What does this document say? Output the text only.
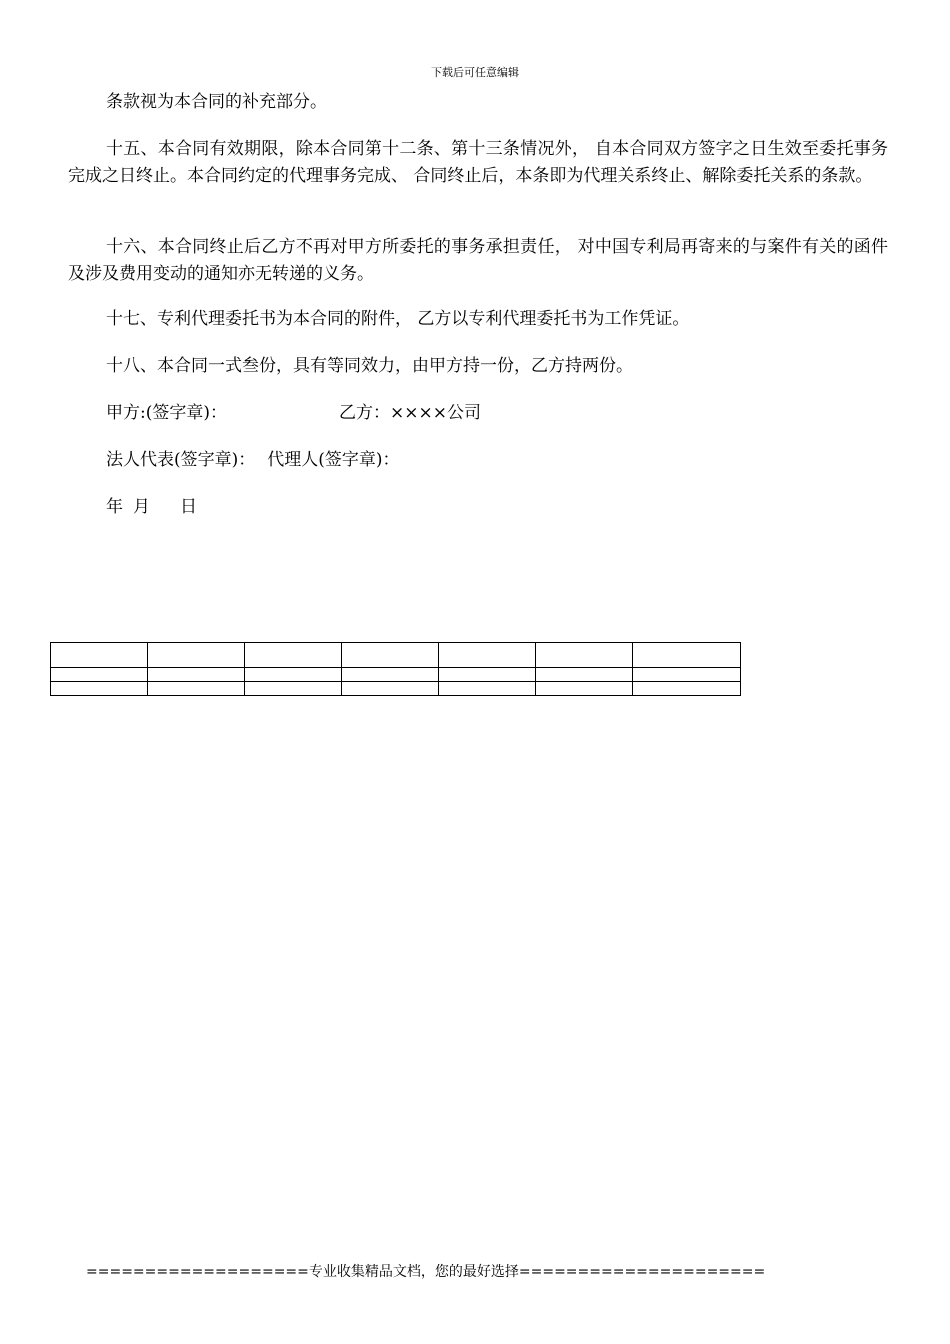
下载后可任意编辑

条款视为本合同的补充部分。

十五、本合同有效期限，除本合同第十二条、第十三条情况外， 自本合同双方签字之日生效至委托事务完成之日终止。本合同约定的代理事务完成、 合同终止后，本条即为代理关系终止、解除委托关系的条款。

十六、本合同终止后乙方不再对甲方所委托的事务承担责任， 对中国专利局再寄来的与案件有关的函件及涉及费用变动的通知亦无转递的义务。

十七、专利代理委托书为本合同的附件， 乙方以专利代理委托书为工作凭证。

十八、本合同一式叁份，具有等同效力，由甲方持一份，乙方持两份。

甲方:(签字章)：	乙方：××××公司
法人代表(签字章)： 代理人(签字章)：
年 月 日

===================专业收集精品文档，您的最好选择=====================
